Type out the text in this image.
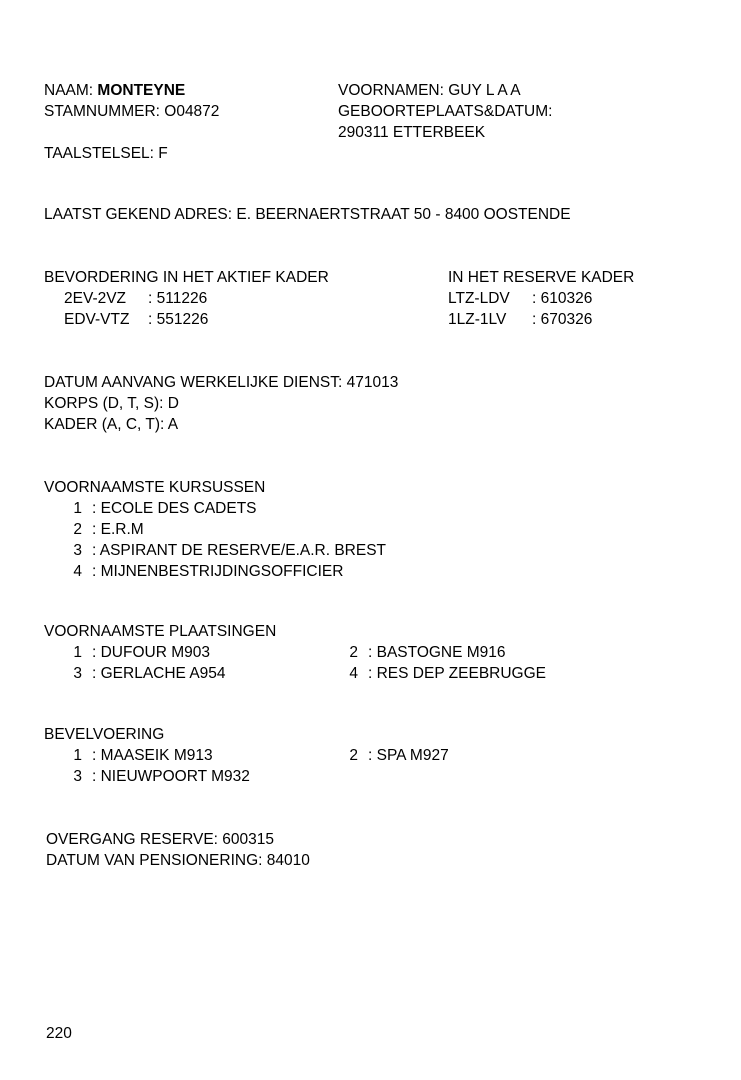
NAAM: MONTEYNE
STAMNUMMER: O04872
TAALSTELSEL: F
VOORNAMEN: GUY L A A
GEBOORTEPLAATS&DATUM:
290311 ETTERBEEK
LAATST GEKEND ADRES: E. BEERNAERTSTRAAT 50 - 8400 OOSTENDE
BEVORDERING IN HET AKTIEF KADER
2EV-2VZ : 511226
EDV-VTZ : 551226
IN HET RESERVE KADER
LTZ-LDV : 610326
1LZ-1LV : 670326
DATUM AANVANG WERKELIJKE DIENST: 471013
KORPS (D, T, S): D
KADER (A, C, T): A
VOORNAAMSTE KURSUSSEN
1 : ECOLE DES CADETS
2 : E.R.M
3 : ASPIRANT DE RESERVE/E.A.R. BREST
4 : MIJNENBESTRIJDINGSOFFICIER
VOORNAAMSTE PLAATSINGEN
1 : DUFOUR M903
3 : GERLACHE A954
2 : BASTOGNE M916
4 : RES DEP ZEEBRUGGE
BEVELVOERING
1 : MAASEIK M913
3 : NIEUWPOORT M932
2 : SPA M927
OVERGANG RESERVE: 600315
DATUM VAN PENSIONERING: 84010
220
